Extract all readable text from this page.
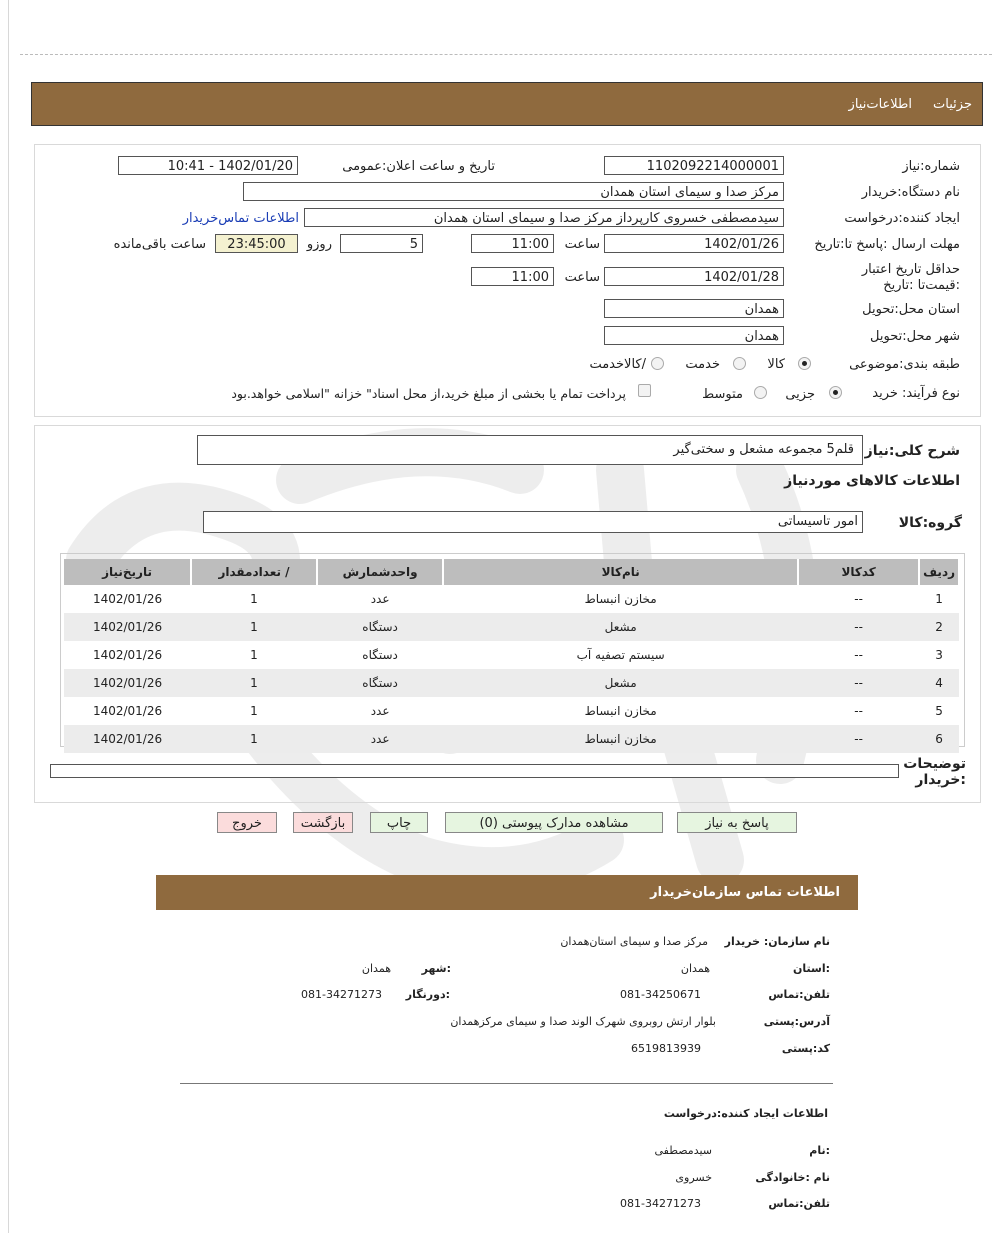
جزئیات
اطلاعات‌نیاز
شماره:نیاز
1102092214000001
تاریخ و ساعت اعلان:عمومی
1402/01/20 - 10:41
نام دستگاه:خریدار
مرکز صدا و سیمای استان همدان
ایجاد کننده:درخواست
سیدمصطفی خسروی کارپرداز مرکز صدا و سیمای استان همدان
اطلاعات تماس‌خریدار
مهلت ارسال :پاسخ تا:تاریخ
1402/01/26
ساعت
11:00
5
روزو
23:45:00
ساعت باقی‌مانده
حداقل تاریخ اعتبار :قیمت‌تا :تاریخ
1402/01/28
ساعت
11:00
استان محل:تحویل
همدان
شهر محل:تحویل
همدان
طبقه بندی:موضوعی
کالا
خدمت
/کالاخدمت
نوع فرآیند: خرید
جزیی
متوسط
پرداخت تمام یا بخشی از مبلغ خرید،از محل اسناد" خزانه "اسلامی خواهد.بود
شرح کلی:نیاز
قلم5 مجموعه مشعل و سختی‌گیر
اطلاعات کالاهای موردنیاز
گروه:کالا
امور تاسیساتی
ردیف	کدکالا	نام‌کالا	واحدشمارش	/ تعدادمقدار	تاریخ‌نیاز
1	--	مخازن انبساط	عدد	1	1402/01/26
2	--	مشعل	دستگاه	1	1402/01/26
3	--	سیستم تصفیه آب	دستگاه	1	1402/01/26
4	--	مشعل	دستگاه	1	1402/01/26
5	--	مخازن انبساط	عدد	1	1402/01/26
6	--	مخازن انبساط	عدد	1	1402/01/26
توضیحات :خریدار
پاسخ به نیاز
مشاهده مدارک پیوستی (0)
چاپ
بازگشت
خروج
اطلاعات تماس سازمان‌خریدار
نام سازمان: خریدار
مرکز صدا و سیمای استان‌همدان
:استان
همدان
:شهر
همدان
تلفن:تماس
081-34250671
:دورنگار
081-34271273
آدرس:پستی
بلوار ارتش روبروی شهرک الوند صدا و سیمای مرکزهمدان
کد:پستی
6519813939
اطلاعات ایجاد کننده:درخواست
:نام
سیدمصطفی
نام :خانوادگی
خسروی
تلفن:تماس
081-34271273
